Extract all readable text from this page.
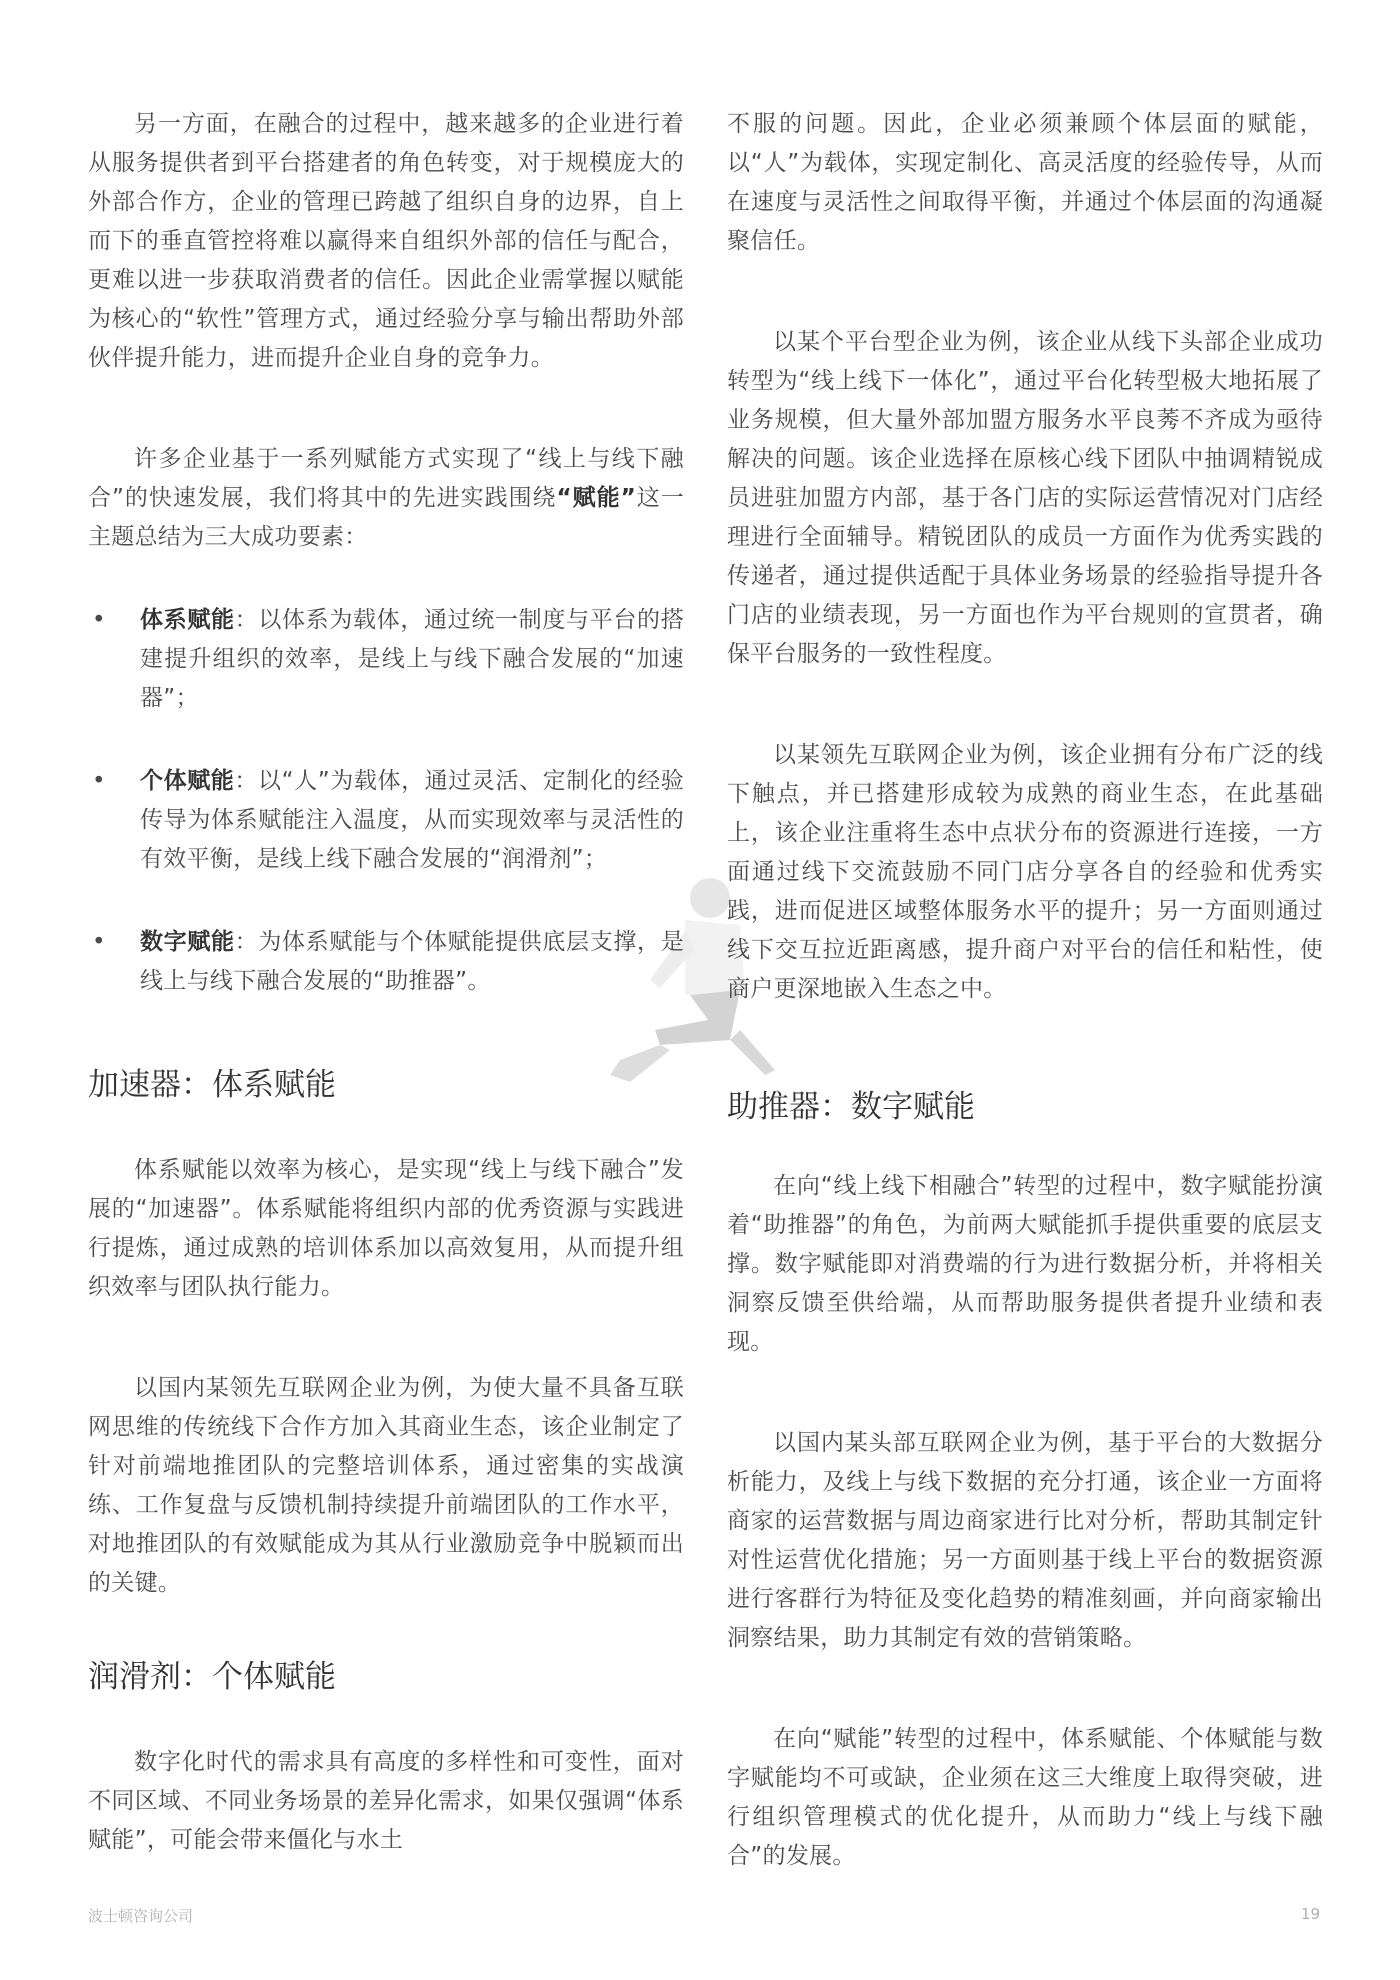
另一方面，在融合的过程中，越来越多的企业进行着从服务提供者到平台搭建者的角色转变，对于规模庞大的外部合作方，企业的管理已跨越了组织自身的边界，自上而下的垂直管控将难以赢得来自组织外部的信任与配合，更难以进一步获取消费者的信任。因此企业需掌握以赋能为核心的“软性”管理方式，通过经验分享与输出帮助外部伙伴提升能力，进而提升企业自身的竞争力。

许多企业基于一系列赋能方式实现了“线上与线下融合”的快速发展，我们将其中的先进实践围绕“赋能”这一主题总结为三大成功要素：

• 体系赋能：以体系为载体，通过统一制度与平台的搭建提升组织的效率，是线上与线下融合发展的“加速器”；
• 个体赋能：以“人”为载体，通过灵活、定制化的经验传导为体系赋能注入温度，从而实现效率与灵活性的有效平衡，是线上线下融合发展的“润滑剂”；
• 数字赋能：为体系赋能与个体赋能提供底层支撑，是线上与线下融合发展的“助推器”。
加速器：体系赋能

体系赋能以效率为核心，是实现“线上与线下融合”发展的“加速器”。体系赋能将组织内部的优秀资源与实践进行提炼，通过成熟的培训体系加以高效复用，从而提升组织效率与团队执行能力。

以国内某领先互联网企业为例，为使大量不具备互联网思维的传统线下合作方加入其商业生态，该企业制定了针对前端地推团队的完整培训体系，通过密集的实战演练、工作复盘与反馈机制持续提升前端团队的工作水平，对地推团队的有效赋能成为其从行业激励竞争中脱颖而出的关键。

润滑剂：个体赋能

数字化时代的需求具有高度的多样性和可变性，面对不同区域、不同业务场景的差异化需求，如果仅强调“体系赋能”，可能会带来僵化与水土

不服的问题。因此，企业必须兼顾个体层面的赋能，以“人”为载体，实现定制化、高灵活度的经验传导，从而在速度与灵活性之间取得平衡，并通过个体层面的沟通凝聚信任。

以某个平台型企业为例，该企业从线下头部企业成功转型为“线上线下一体化”，通过平台化转型极大地拓展了业务规模，但大量外部加盟方服务水平良莠不齐成为亟待解决的问题。该企业选择在原核心线下团队中抽调精锐成员进驻加盟方内部，基于各门店的实际运营情况对门店经理进行全面辅导。精锐团队的成员一方面作为优秀实践的传递者，通过提供适配于具体业务场景的经验指导提升各门店的业绩表现，另一方面也作为平台规则的宣贯者，确保平台服务的一致性程度。

以某领先互联网企业为例，该企业拥有分布广泛的线下触点，并已搭建形成较为成熟的商业生态，在此基础上，该企业注重将生态中点状分布的资源进行连接，一方面通过线下交流鼓励不同门店分享各自的经验和优秀实践，进而促进区域整体服务水平的提升；另一方面则通过线下交互拉近距离感，提升商户对平台的信任和粘性，使商户更深地嵌入生态之中。

助推器：数字赋能

在向“线上线下相融合”转型的过程中，数字赋能扮演着“助推器”的角色，为前两大赋能抓手提供重要的底层支撑。数字赋能即对消费端的行为进行数据分析，并将相关洞察反馈至供给端，从而帮助服务提供者提升业绩和表现。

以国内某头部互联网企业为例，基于平台的大数据分析能力，及线上与线下数据的充分打通，该企业一方面将商家的运营数据与周边商家进行比对分析，帮助其制定针对性运营优化措施；另一方面则基于线上平台的数据资源进行客群行为特征及变化趋势的精准刻画，并向商家输出洞察结果，助力其制定有效的营销策略。

在向“赋能”转型的过程中，体系赋能、个体赋能与数字赋能均不可或缺，企业须在这三大维度上取得突破，进行组织管理模式的优化提升，从而助力“线上与线下融合”的发展。

波士顿咨询公司	19
